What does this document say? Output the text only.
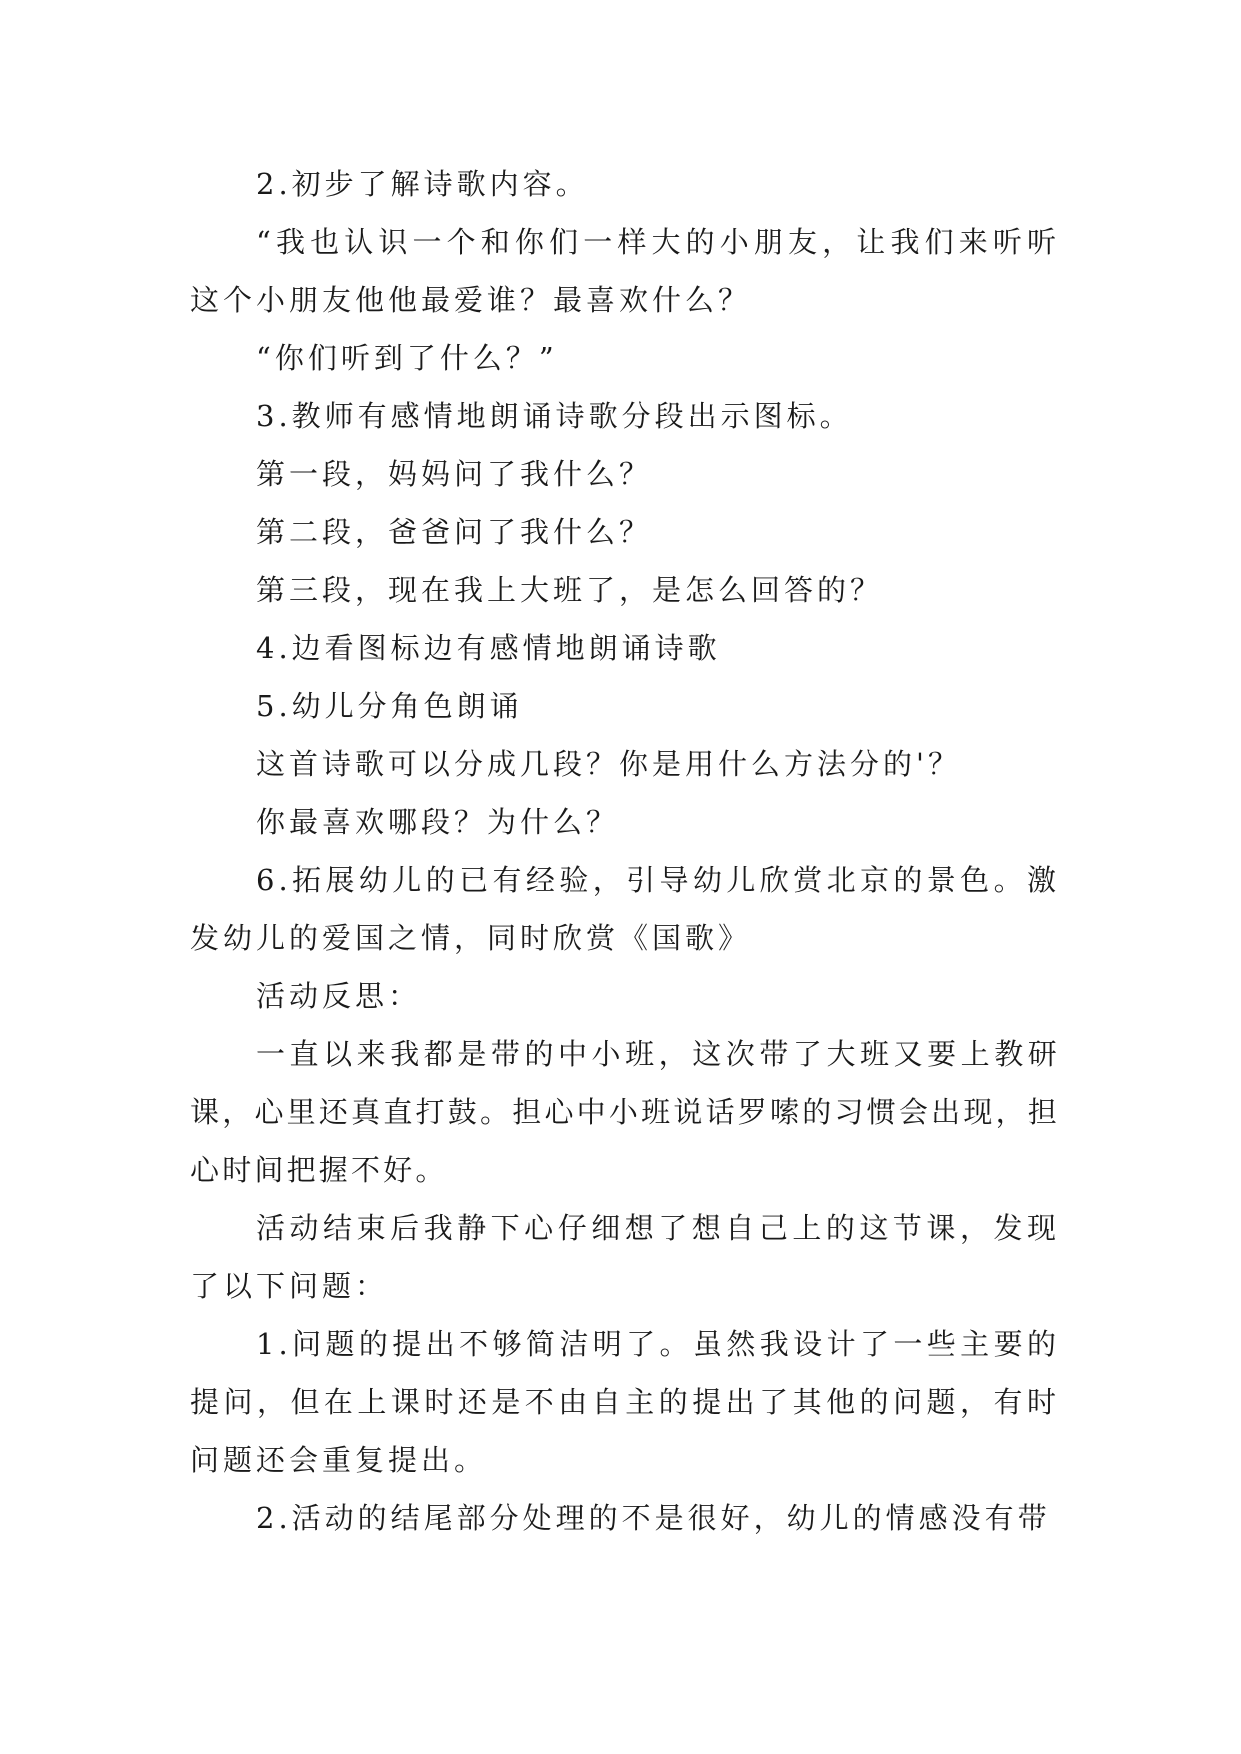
2.初步了解诗歌内容。

“我也认识一个和你们一样大的小朋友，让我们来听听这个小朋友他他最爱谁？最喜欢什么？

“你们听到了什么？”

3.教师有感情地朗诵诗歌分段出示图标。

第一段，妈妈问了我什么？

第二段，爸爸问了我什么？

第三段，现在我上大班了，是怎么回答的？

4.边看图标边有感情地朗诵诗歌

5.幼儿分角色朗诵

这首诗歌可以分成几段？你是用什么方法分的'？

你最喜欢哪段？为什么？

6.拓展幼儿的已有经验，引导幼儿欣赏北京的景色。激发幼儿的爱国之情，同时欣赏《国歌》

活动反思：

一直以来我都是带的中小班，这次带了大班又要上教研课，心里还真直打鼓。担心中小班说话罗嗦的习惯会出现，担心时间把握不好。

活动结束后我静下心仔细想了想自己上的这节课，发现了以下问题：

1.问题的提出不够简洁明了。虽然我设计了一些主要的提问，但在上课时还是不由自主的提出了其他的问题，有时问题还会重复提出。

2.活动的结尾部分处理的不是很好，幼儿的情感没有带
